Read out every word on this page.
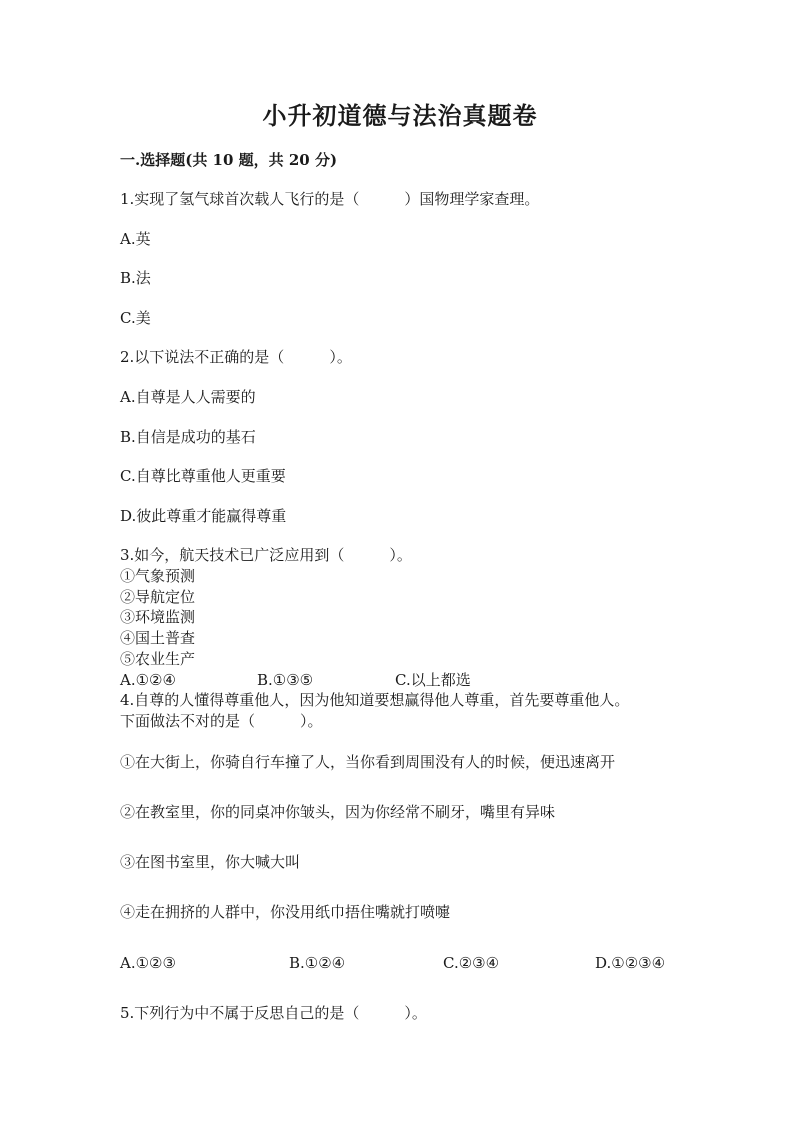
小升初道德与法治真题卷
一.选择题(共 10 题，共 20 分)
1.实现了氢气球首次载人飞行的是（　　　）国物理学家查理。
A.英
B.法
C.美
2.以下说法不正确的是（　　　）。
A.自尊是人人需要的
B.自信是成功的基石
C.自尊比尊重他人更重要
D.彼此尊重才能赢得尊重
3.如今，航天技术已广泛应用到（　　　）。
①气象预测
②导航定位
③环境监测
④国土普查
⑤农业生产
A.①②④	B.①③⑤	C.以上都选
4.自尊的人懂得尊重他人，因为他知道要想赢得他人尊重，首先要尊重他人。
下面做法不对的是（　　　）。
①在大街上，你骑自行车撞了人，当你看到周围没有人的时候，便迅速离开
②在教室里，你的同桌冲你皱头，因为你经常不刷牙，嘴里有异味
③在图书室里，你大喊大叫
④走在拥挤的人群中，你没用纸巾捂住嘴就打喷嚏
A.①②③	B.①②④	C.②③④	D.①②③④
5.下列行为中不属于反思自己的是（　　　）。
